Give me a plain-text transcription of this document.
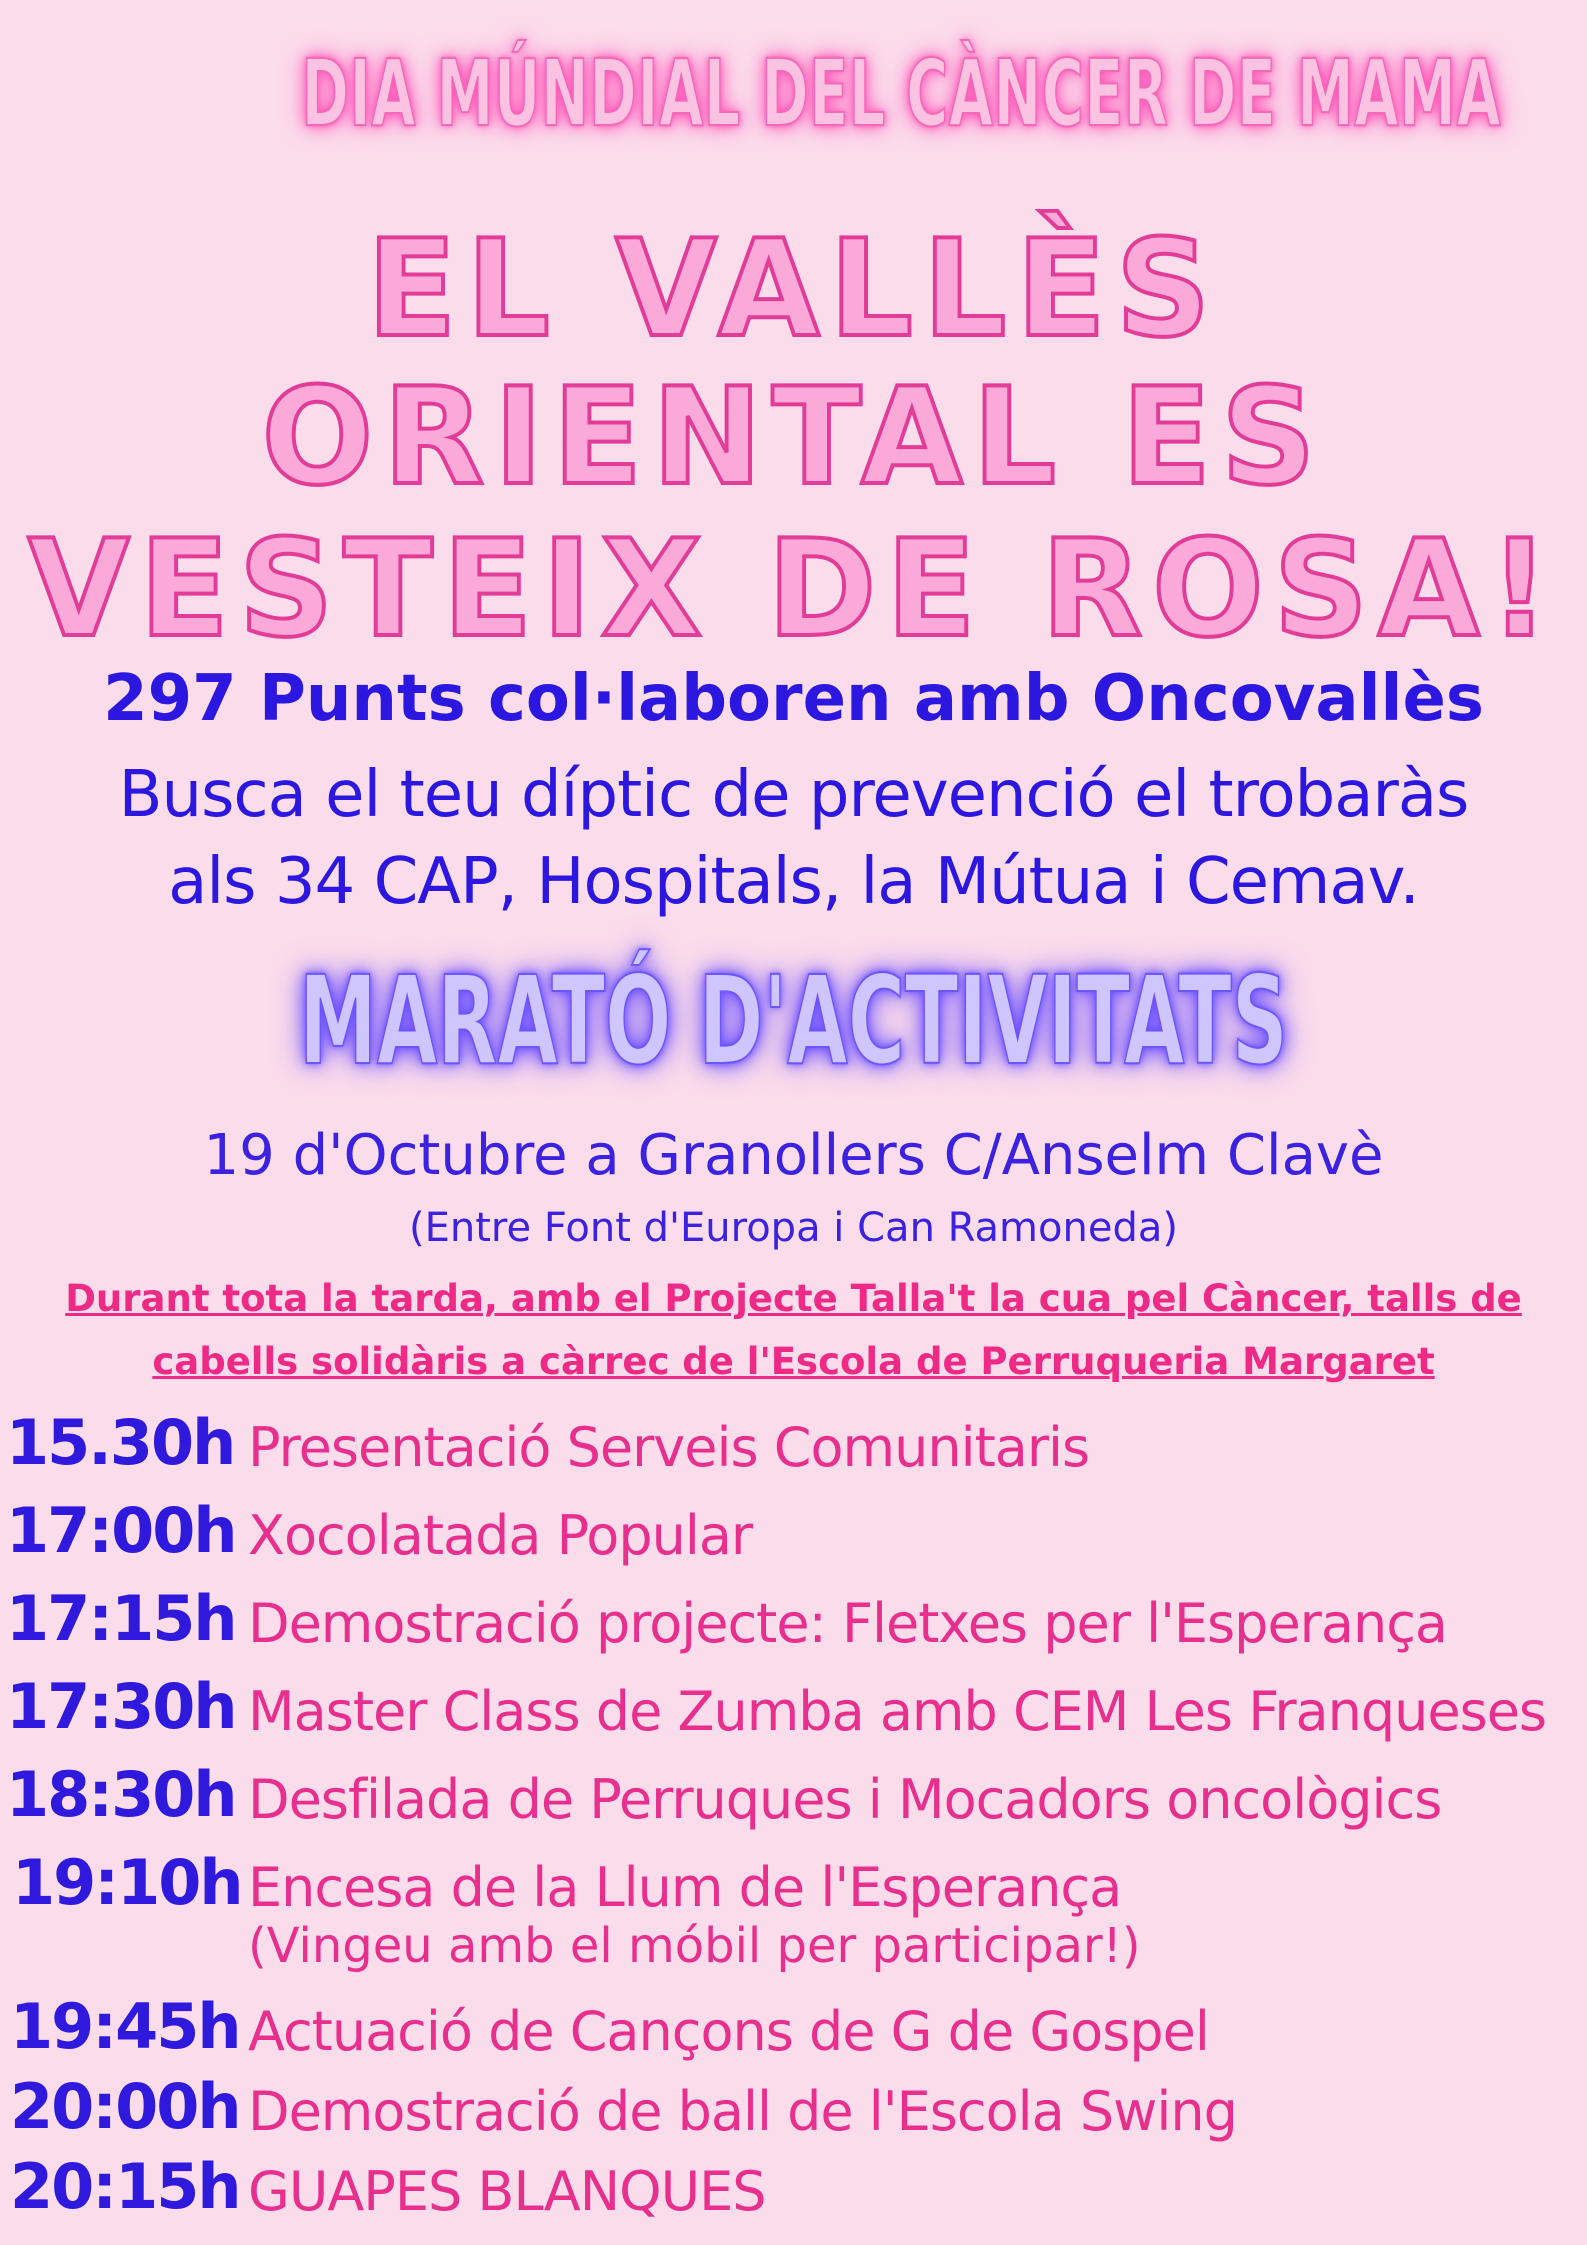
DIA MÚNDIAL DEL CÀNCER DE MAMA
EL VALLÈS
ORIENTAL ES
VESTEIX DE ROSA!
297 Punts col·laboren amb Oncovallès
Busca el teu díptic de prevenció el trobaràs
als 34 CAP, Hospitals, la Mútua i Cemav.
MARATÓ D'ACTIVITATS
19 d'Octubre a Granollers C/Anselm Clavè
(Entre Font d'Europa i Can Ramoneda)
Durant tota la tarda, amb el Projecte Talla't la cua pel Càncer, talls de
cabells solidàris a càrrec de l'Escola de Perruqueria Margaret
15.30h Presentació Serveis Comunitaris
17:00h Xocolatada Popular
17:15h Demostració projecte: Fletxes per l'Esperança
17:30h Master Class de Zumba amb CEM Les Franqueses
18:30h Desfilada de Perruques i Mocadors oncològics
19:10h Encesa de la Llum de l'Esperança
(Vingeu amb el móbil per participar!)
19:45h Actuació de Cançons de G de Gospel
20:00h Demostració de ball de l'Escola Swing
20:15h GUAPES BLANQUES
